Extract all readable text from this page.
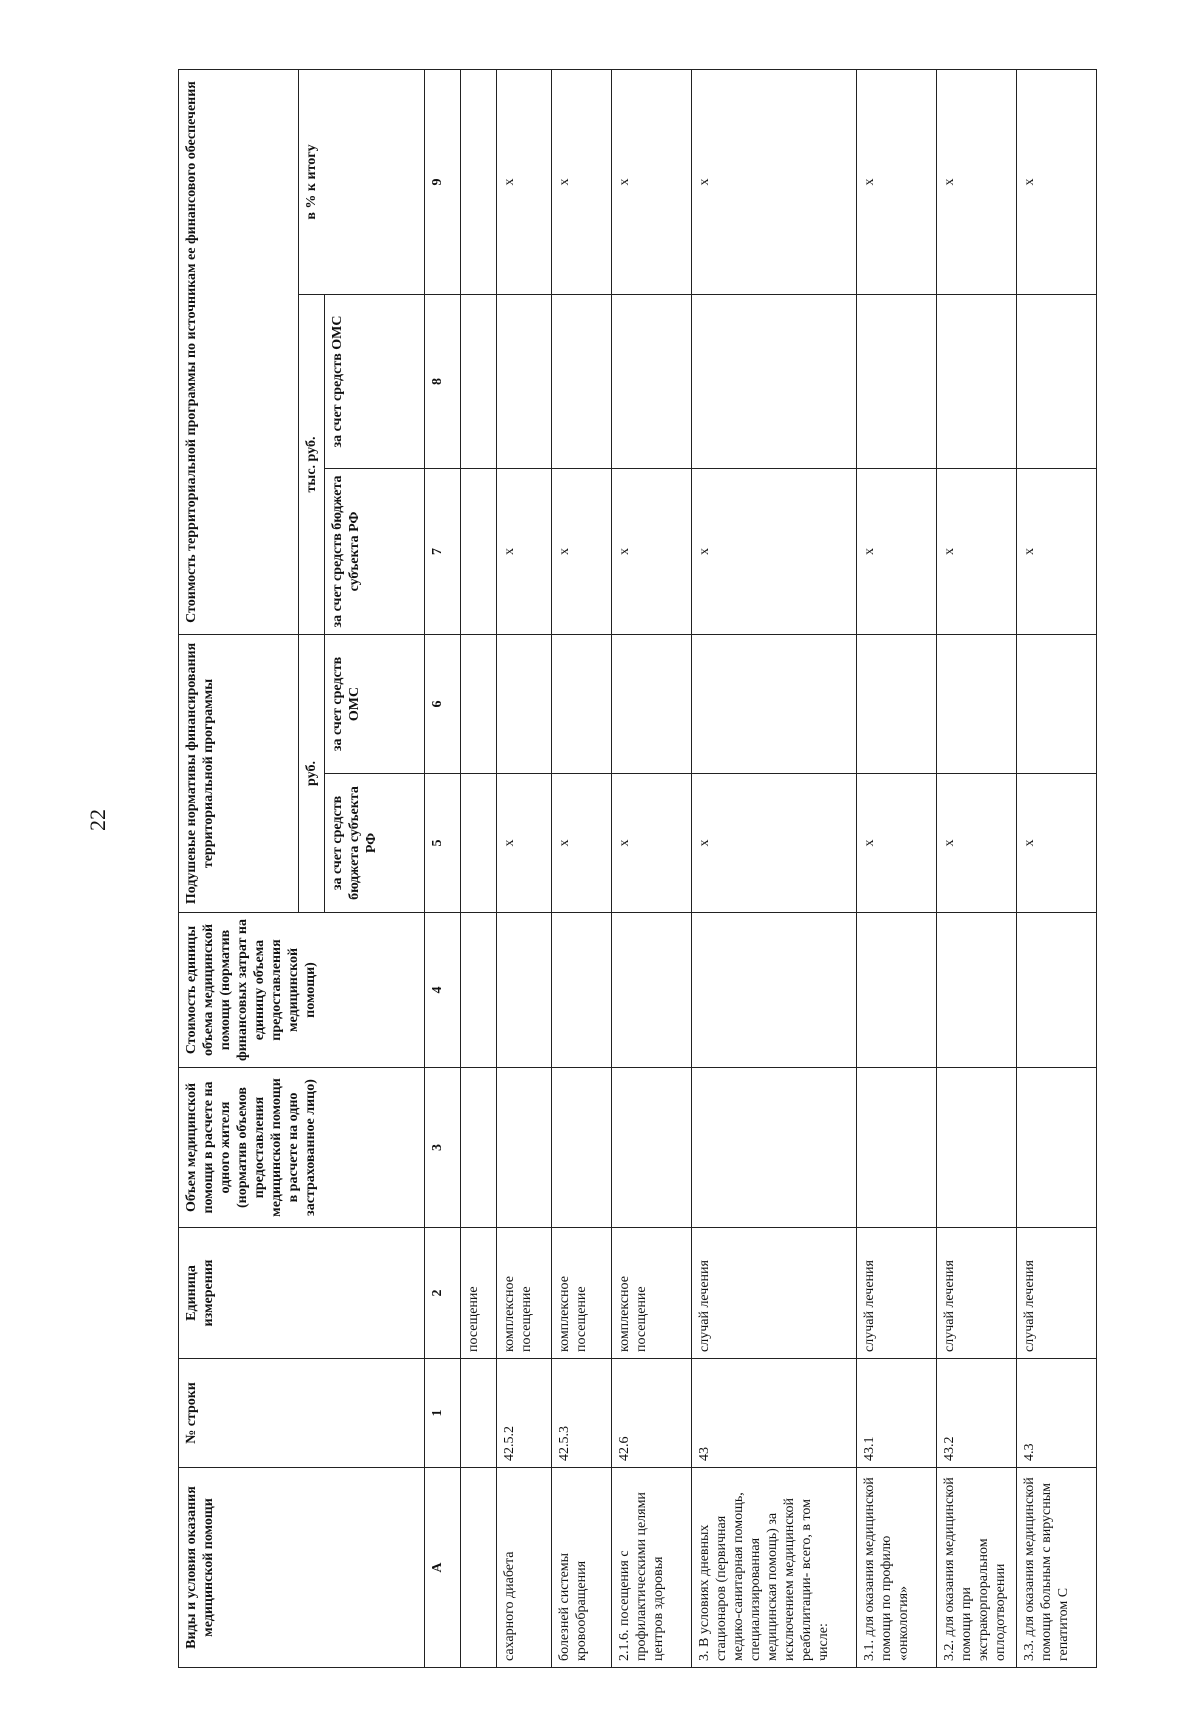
22
Виды и условия оказания медицинской помощи	№ строки	Единица измерения	Объем медицинской помощи в расчете на одного жителя (норматив объемов предоставления медицинской помощи в расчете на одно застрахованное лицо)	Стоимость единицы объема медицинской помощи (норматив финансовых затрат на единицу объема предоставления медицинской помощи)	Подушевые нормативы финансирования территориальной программы		Стоимость территориальной программы по источникам ее финансового обеспечения		
					руб.		тыс. руб.		в % к итогу
					за счет средств бюджета субъекта РФ	за счет средств ОМС	за счет средств бюджета субъекта РФ	за счет средств ОМС	
А	1	2	3	4	5	6	7	8	9
		посещение							
сахарного диабета	42.5.2	комплексное посещение			х		х		х
болезней системы кровообращения	42.5.3	комплексное посещение			х		х		х
2.1.6. посещения с профилактическими целями центров здоровья	42.6	комплексное посещение			х		х		х
3. В условиях дневных стационаров (первичная медико-санитарная помощь, специализированная медицинская помощь) за исключением медицинской реабилитации- всего, в том числе:	43	случай лечения			х		х		х
3.1. для оказания медицинской помощи по профилю «онкология»	43.1	случай лечения			х		х		х
3.2. для оказания медицинской помощи при экстракорпоральном оплодотворении	43.2	случай лечения			х		х		х
3.3. для оказания медицинской помощи больным с вирусным гепатитом С	4.3	случай лечения			х		х		х
